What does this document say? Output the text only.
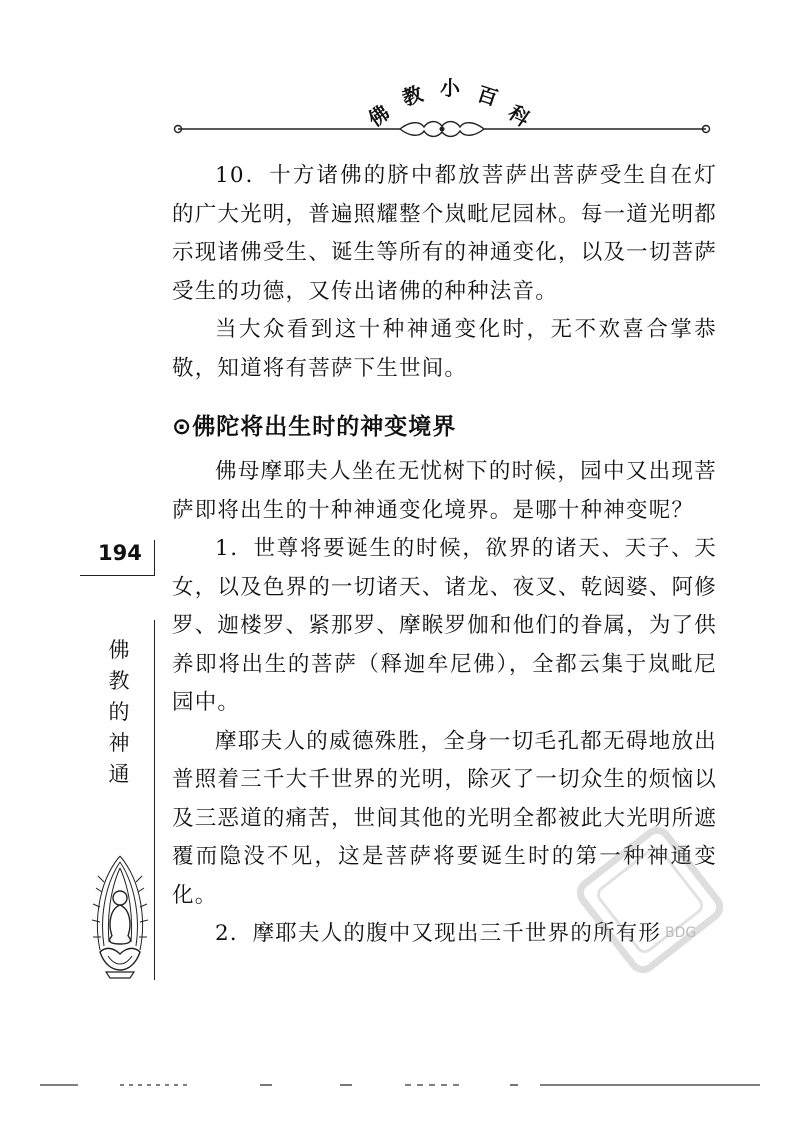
佛
教 小 百
科

10．十方诸佛的脐中都放菩萨出菩萨受生自在灯的广大光明，普遍照耀整个岚毗尼园林。每一道光明都示现诸佛受生、诞生等所有的神通变化，以及一切菩萨受生的功德，又传出诸佛的种种法音。

当大众看到这十种神通变化时，无不欢喜合掌恭敬，知道将有菩萨下生世间。

⊙佛陀将出生时的神变境界

佛母摩耶夫人坐在无忧树下的时候，园中又出现菩萨即将出生的十种神通变化境界。是哪十种神变呢？

1．世尊将要诞生的时候，欲界的诸天、天子、天女，以及色界的一切诸天、诸龙、夜叉、乾闼婆、阿修罗、迦楼罗、紧那罗、摩睺罗伽和他们的眷属，为了供养即将出生的菩萨（释迦牟尼佛），全都云集于岚毗尼园中。

摩耶夫人的威德殊胜，全身一切毛孔都无碍地放出普照着三千大千世界的光明，除灭了一切众生的烦恼以及三恶道的痛苦，世间其他的光明全都被此大光明所遮覆而隐没不见，这是菩萨将要诞生时的第一种神通变化。

2．摩耶夫人的腹中又现出三千世界的所有形

194
佛
教
的
神
通
BDG
